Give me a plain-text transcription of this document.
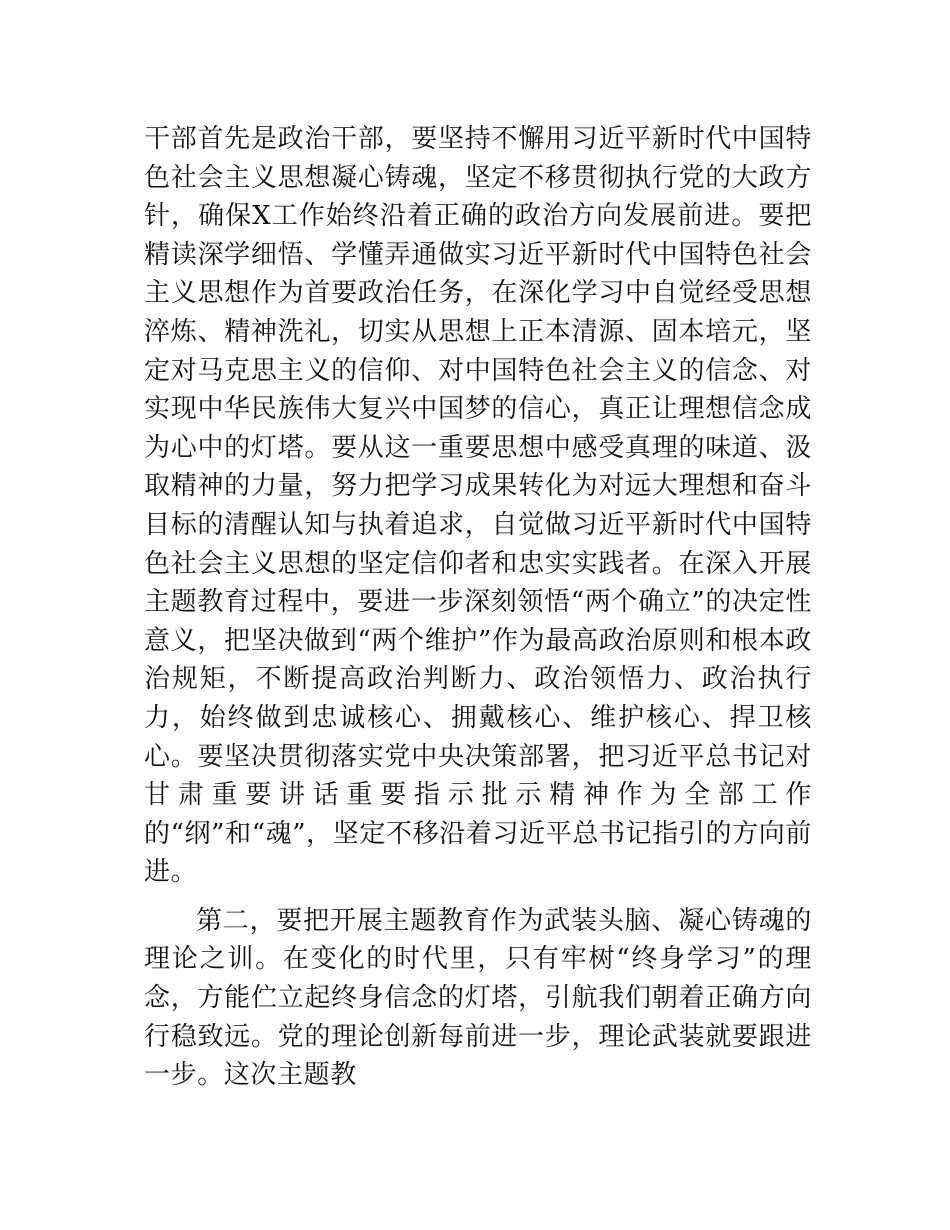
干部首先是政治干部，要坚持不懈用习近平新时代中国特色社会主义思想凝心铸魂，坚定不移贯彻执行党的大政方针，确保X工作始终沿着正确的政治方向发展前进。要把精读深学细悟、学懂弄通做实习近平新时代中国特色社会主义思想作为首要政治任务，在深化学习中自觉经受思想淬炼、精神洗礼，切实从思想上正本清源、固本培元，坚定对马克思主义的信仰、对中国特色社会主义的信念、对实现中华民族伟大复兴中国梦的信心，真正让理想信念成为心中的灯塔。要从这一重要思想中感受真理的味道、汲取精神的力量，努力把学习成果转化为对远大理想和奋斗目标的清醒认知与执着追求，自觉做习近平新时代中国特色社会主义思想的坚定信仰者和忠实实践者。在深入开展主题教育过程中，要进一步深刻领悟“两个确立”的决定性意义，把坚决做到“两个维护”作为最高政治原则和根本政治规矩，不断提高政治判断力、政治领悟力、政治执行力，始终做到忠诚核心、拥戴核心、维护核心、捍卫核心。要坚决贯彻落实党中央决策部署，把习近平总书记对甘肃重要讲话重要指示批示精神作为全部工作的“纲”和“魂”，坚定不移沿着习近平总书记指引的方向前进。

第二，要把开展主题教育作为武装头脑、凝心铸魂的理论之训。在变化的时代里，只有牢树“终身学习”的理念，方能伫立起终身信念的灯塔，引航我们朝着正确方向行稳致远。党的理论创新每前进一步，理论武装就要跟进一步。这次主题教
